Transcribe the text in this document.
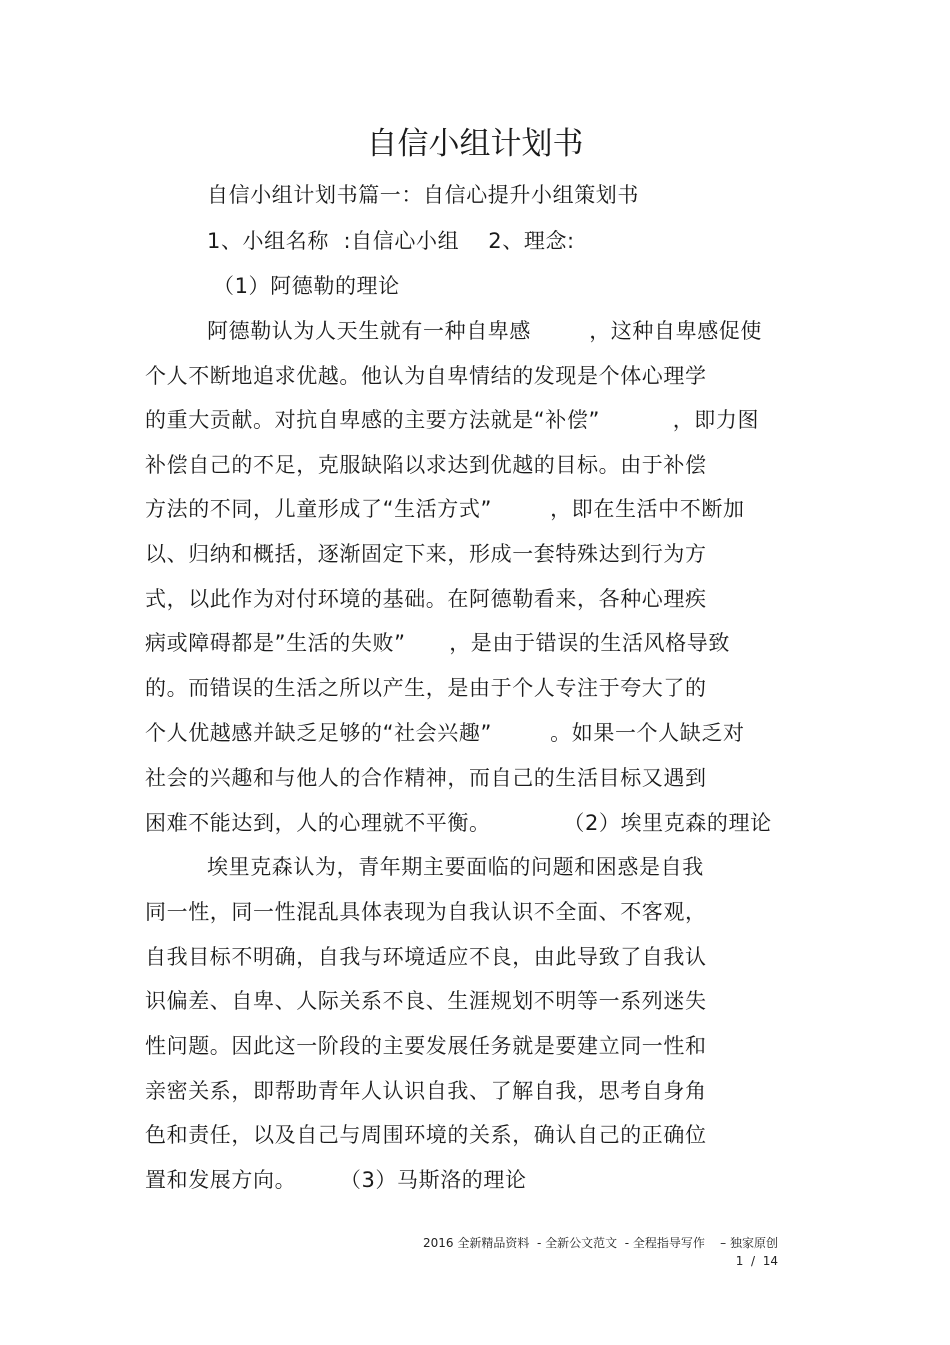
自信小组计划书
自信小组计划书篇一：自信心提升小组策划书
1、小组名称  :自信心小组    2、理念:
（1）阿德勒的理论
阿德勒认为人天生就有一种自卑感        ，这种自卑感促使
个人不断地追求优越。他认为自卑情结的发现是个体心理学
的重大贡献。对抗自卑感的主要方法就是“补偿”          ，即力图
补偿自己的不足，克服缺陷以求达到优越的目标。由于补偿
方法的不同，儿童形成了“生活方式”        ，即在生活中不断加
以、归纳和概括，逐渐固定下来，形成一套特殊达到行为方
式，以此作为对付环境的基础。在阿德勒看来，各种心理疾
病或障碍都是”生活的失败”      ，是由于错误的生活风格导致
的。而错误的生活之所以产生，是由于个人专注于夸大了的
个人优越感并缺乏足够的“社会兴趣”        。如果一个人缺乏对
社会的兴趣和与他人的合作精神，而自己的生活目标又遇到
困难不能达到，人的心理就不平衡。          （2）埃里克森的理论
埃里克森认为，青年期主要面临的问题和困惑是自我
同一性，同一性混乱具体表现为自我认识不全面、不客观，
自我目标不明确，自我与环境适应不良，由此导致了自我认
识偏差、自卑、人际关系不良、生涯规划不明等一系列迷失
性问题。因此这一阶段的主要发展任务就是要建立同一性和
亲密关系，即帮助青年人认识自我、了解自我，思考自身角
色和责任，以及自己与周围环境的关系，确认自己的正确位
置和发展方向。      （3）马斯洛的理论
2016 全新精品资料  - 全新公文范文  - 全程指导写作    – 独家原创
1  /  14
